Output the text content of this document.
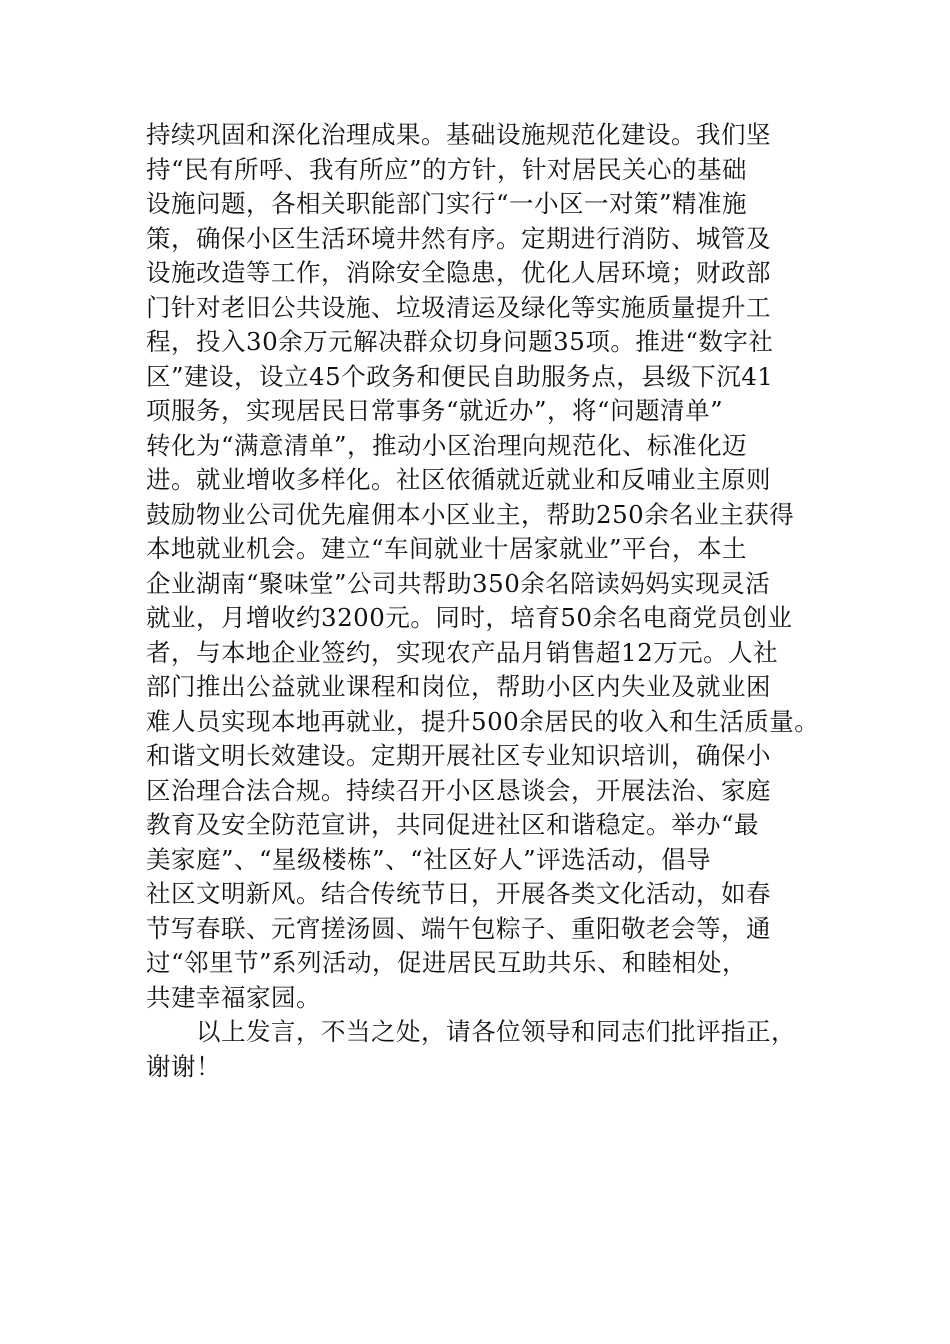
持续巩固和深化治理成果。基础设施规范化建设。我们坚
持“民有所呼、我有所应”的方针，针对居民关心的基础
设施问题，各相关职能部门实行“一小区一对策”精准施
策，确保小区生活环境井然有序。定期进行消防、城管及
设施改造等工作，消除安全隐患，优化人居环境；财政部
门针对老旧公共设施、垃圾清运及绿化等实施质量提升工
程，投入30余万元解决群众切身问题35项。推进“数字社
区”建设，设立45个政务和便民自助服务点，县级下沉41
项服务，实现居民日常事务“就近办”，将“问题清单”
转化为“满意清单”，推动小区治理向规范化、标准化迈
进。就业增收多样化。社区依循就近就业和反哺业主原则
鼓励物业公司优先雇佣本小区业主，帮助250余名业主获得
本地就业机会。建立“车间就业十居家就业”平台，本土
企业湖南“聚味堂”公司共帮助350余名陪读妈妈实现灵活
就业，月增收约3200元。同时，培育50余名电商党员创业
者，与本地企业签约，实现农产品月销售超12万元。人社
部门推出公益就业课程和岗位，帮助小区内失业及就业困
难人员实现本地再就业，提升500余居民的收入和生活质量。
和谐文明长效建设。定期开展社区专业知识培训，确保小
区治理合法合规。持续召开小区恳谈会，开展法治、家庭
教育及安全防范宣讲，共同促进社区和谐稳定。举办“最
美家庭”、“星级楼栋”、“社区好人”评选活动，倡导
社区文明新风。结合传统节日，开展各类文化活动，如春
节写春联、元宵搓汤圆、端午包粽子、重阳敬老会等，通
过“邻里节”系列活动，促进居民互助共乐、和睦相处，
共建幸福家园。
以上发言，不当之处，请各位领导和同志们批评指正，
谢谢！
